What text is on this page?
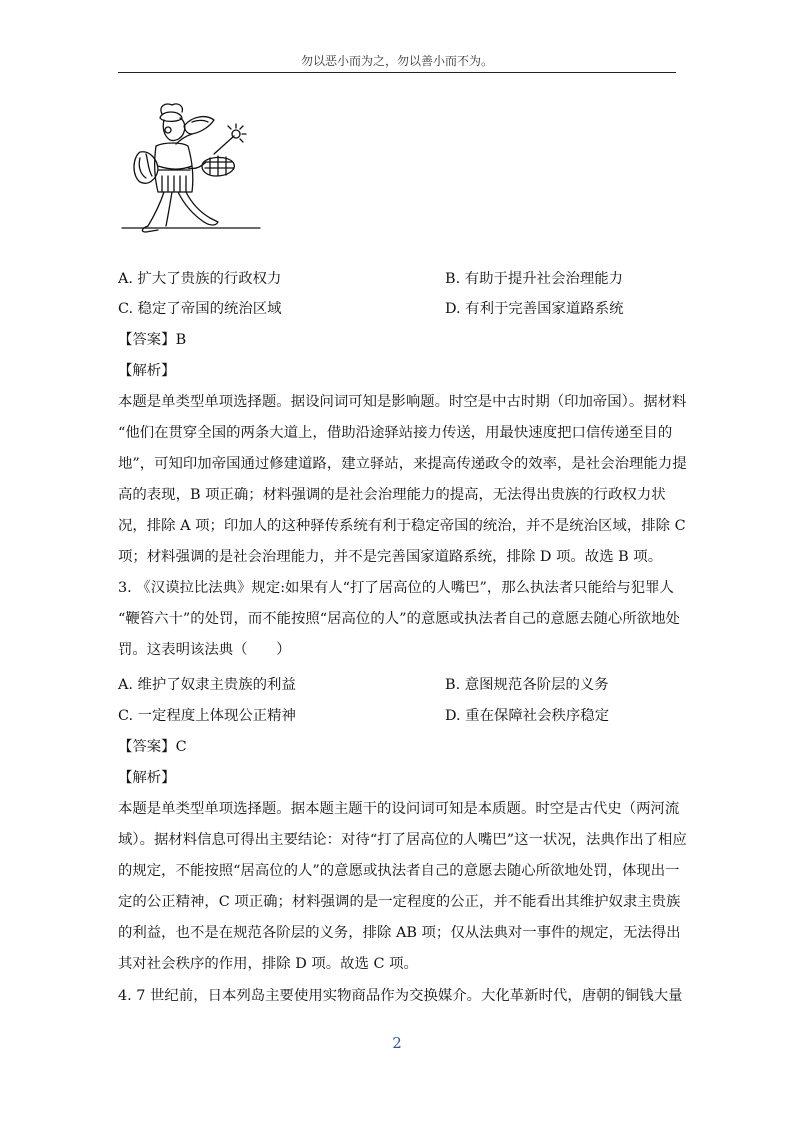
勿以恶小而为之，勿以善小而不为。
A. 扩大了贵族的行政权力	B. 有助于提升社会治理能力
C. 稳定了帝国的统治区域	D. 有利于完善国家道路系统
【答案】B
【解析】
本题是单类型单项选择题。据设问词可知是影响题。时空是中古时期（印加帝国）。据材料
“他们在贯穿全国的两条大道上，借助沿途驿站接力传送，用最快速度把口信传递至目的
地”，可知印加帝国通过修建道路，建立驿站，来提高传递政令的效率，是社会治理能力提
高的表现，B 项正确；材料强调的是社会治理能力的提高，无法得出贵族的行政权力状
况，排除 A 项；印加人的这种驿传系统有利于稳定帝国的统治，并不是统治区域，排除 C
项；材料强调的是社会治理能力，并不是完善国家道路系统，排除 D 项。故选 B 项。
3. 《汉谟拉比法典》规定:如果有人“打了居高位的人嘴巴”，那么执法者只能给与犯罪人
“鞭笞六十”的处罚，而不能按照“居高位的人”的意愿或执法者自己的意愿去随心所欲地处
罚。这表明该法典（　　）
A. 维护了奴隶主贵族的利益	B. 意图规范各阶层的义务
C. 一定程度上体现公正精神	D. 重在保障社会秩序稳定
【答案】C
【解析】
本题是单类型单项选择题。据本题主题干的设问词可知是本质题。时空是古代史（两河流
域）。据材料信息可得出主要结论：对待“打了居高位的人嘴巴”这一状况，法典作出了相应
的规定，不能按照“居高位的人”的意愿或执法者自己的意愿去随心所欲地处罚，体现出一
定的公正精神，C 项正确；材料强调的是一定程度的公正，并不能看出其维护奴隶主贵族
的利益，也不是在规范各阶层的义务，排除 AB 项；仅从法典对一事件的规定，无法得出
其对社会秩序的作用，排除 D 项。故选 C 项。
4. 7 世纪前，日本列岛主要使用实物商品作为交换媒介。大化革新时代，唐朝的铜钱大量
2
